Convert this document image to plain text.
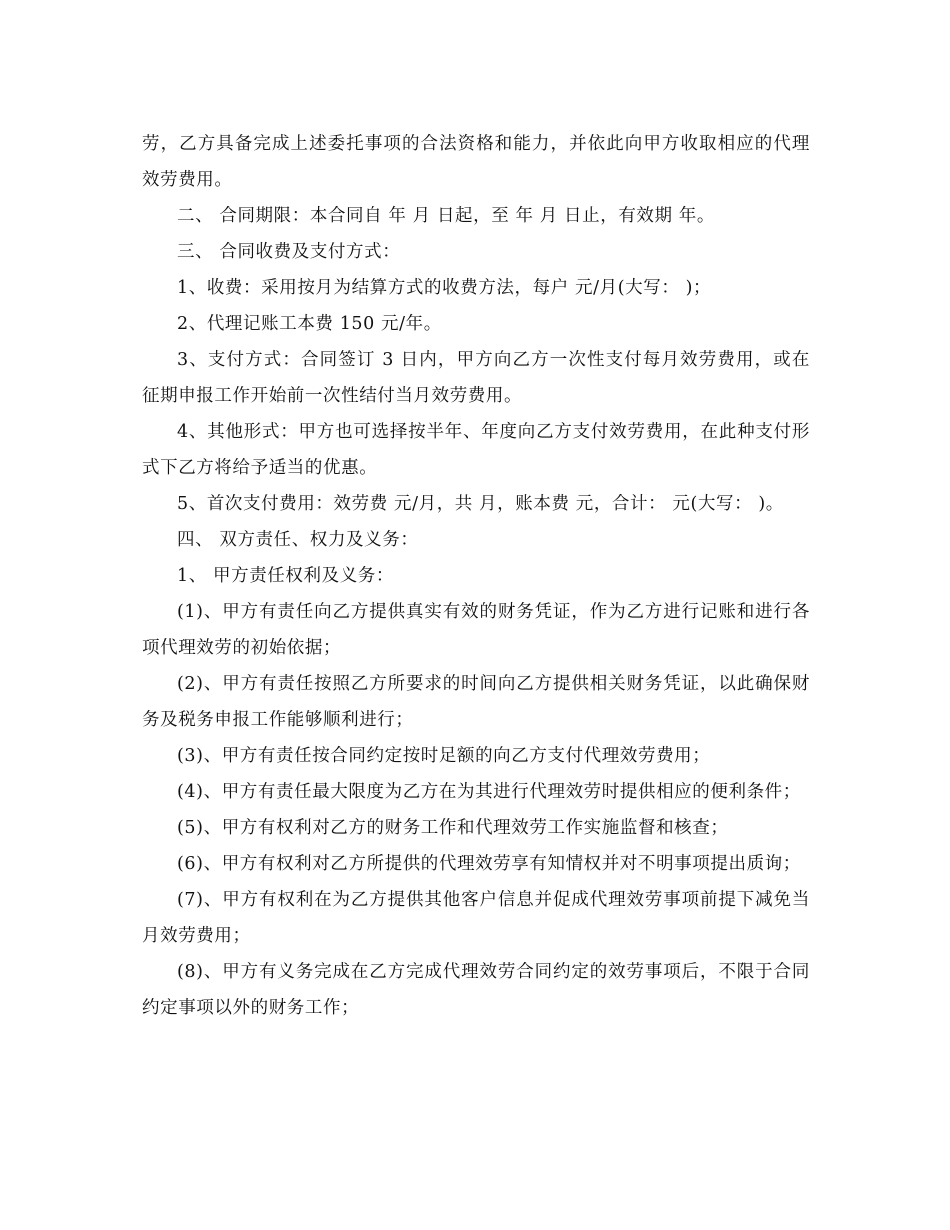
劳，乙方具备完成上述委托事项的合法资格和能力，并依此向甲方收取相应的代理效劳费用。

二、 合同期限：本合同自 年 月 日起，至 年 月 日止，有效期 年。

三、 合同收费及支付方式：

1、收费：采用按月为结算方式的收费方法，每户 元/月(大写： )；

2、代理记账工本费 150 元/年。

3、支付方式：合同签订 3 日内，甲方向乙方一次性支付每月效劳费用，或在征期申报工作开始前一次性结付当月效劳费用。

4、其他形式：甲方也可选择按半年、年度向乙方支付效劳费用，在此种支付形式下乙方将给予适当的优惠。

5、首次支付费用：效劳费 元/月，共 月，账本费 元，合计： 元(大写： )。

四、 双方责任、权力及义务：

1、 甲方责任权利及义务：

(1)、甲方有责任向乙方提供真实有效的财务凭证，作为乙方进行记账和进行各项代理效劳的初始依据；

(2)、甲方有责任按照乙方所要求的时间向乙方提供相关财务凭证，以此确保财务及税务申报工作能够顺利进行；

(3)、甲方有责任按合同约定按时足额的向乙方支付代理效劳费用；

(4)、甲方有责任最大限度为乙方在为其进行代理效劳时提供相应的便利条件；

(5)、甲方有权利对乙方的财务工作和代理效劳工作实施监督和核查；

(6)、甲方有权利对乙方所提供的代理效劳享有知情权并对不明事项提出质询；

(7)、甲方有权利在为乙方提供其他客户信息并促成代理效劳事项前提下减免当月效劳费用；

(8)、甲方有义务完成在乙方完成代理效劳合同约定的效劳事项后，不限于合同约定事项以外的财务工作；
